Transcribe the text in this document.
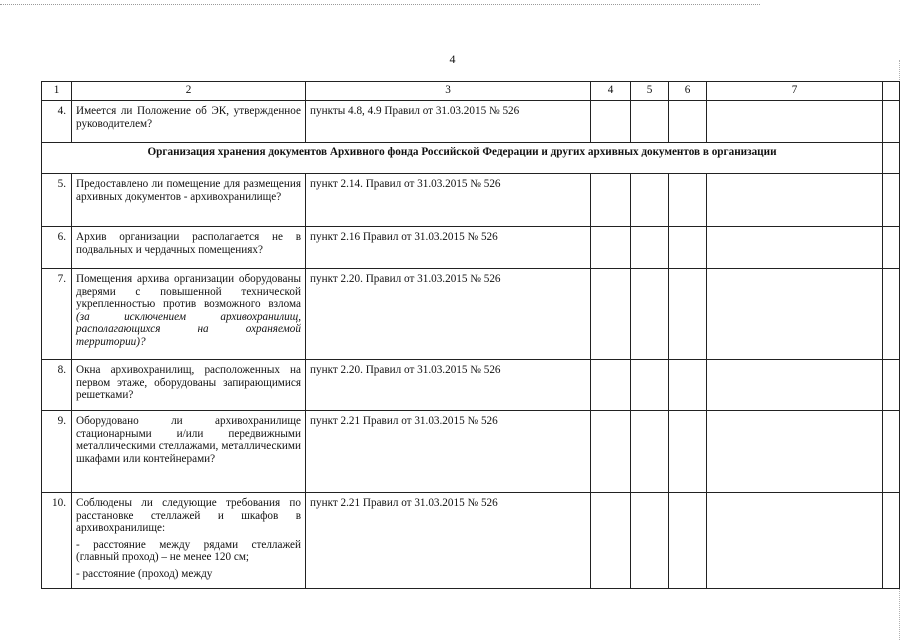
4
1	2	3	4	5	6	7	
4.	Имеется ли Положение об ЭК, утвержденное руководителем?	пункты 4.8, 4.9 Правил от 31.03.2015 № 526					
Организация хранения документов Архивного фонда Российской Федерации и других архивных документов в организации							
5.	Предоставлено ли помещение для размещения архивных документов - архивохранилище?	пункт 2.14. Правил от 31.03.2015 № 526					
6.	Архив организации располагается не в подвальных и чердачных помещениях?	пункт 2.16 Правил от 31.03.2015 № 526					
7.	Помещения архива организации оборудованы дверями с повышенной технической укрепленностью против возможного взлома (за исключением архивохранилищ, располагающихся на охраняемой территории)?	пункт 2.20. Правил от 31.03.2015 № 526					
8.	Окна архивохранилищ, расположенных на первом этаже, оборудованы запирающимися решетками?	пункт 2.20. Правил от 31.03.2015 № 526					
9.	Оборудовано ли архивохранилище стационарными и/или передвижными металлическими стеллажами, металлическими шкафами или контейнерами?	пункт 2.21 Правил от 31.03.2015 № 526					
10.	Соблюдены ли следующие требования по расстановке стеллажей и шкафов в архивохранилище:
- расстояние между рядами стеллажей (главный проход) – не менее 120 см;
- расстояние (проход) между	пункт 2.21 Правил от 31.03.2015 № 526					
